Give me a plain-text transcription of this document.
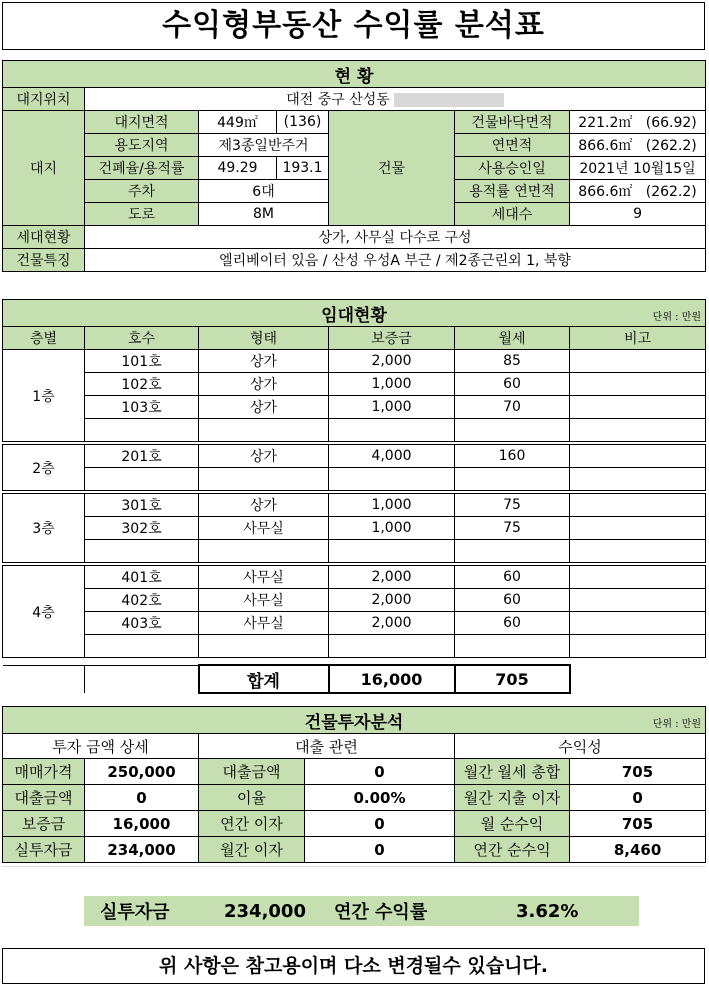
수익형부동산 수익률 분석표
현 황						
대지위치	대전 중구 산성동					
대지	대지면적	449㎡	(136)	건물	건물바닥면적	221.2㎡ (66.92)
	용도지역	제3종일반주거			연면적	866.6㎡ (262.2)
	건폐율/용적률	49.29	193.1		사용승인일	2021년 10월15일
	주차	6대			용적률 연면적	866.6㎡ (262.2)
	도로	8M			세대수	9
세대현황	상가, 사무실 다수로 구성					
건물특징	엘리베이터 있음 / 산성 우성A 부근 / 제2종근린외 1, 북향					
임대현황 단위 : 만원					

층별	호수	형태	보증금	월세	비고
1층	101호	상가	2,000	85	
	102호	상가	1,000	60	
	103호	상가	1,000	70	

2층	201호	상가	4,000	160	

3층	301호	상가	1,000	75	
	302호	사무실	1,000	75	

4층	401호	사무실	2,000	60	
	402호	사무실	2,000	60	
	403호	사무실	2,000	60	

		합계	16,000	705	
건물투자분석 단위 : 만원					

투자 금액 상세		대출 관련		수익성	
매매가격	250,000	대출금액	0	월간 월세 총합	705
대출금액	0	이율	0.00%	월간 지출 이자	0
보증금	16,000	연간 이자	0	월 순수익	705
실투자금	234,000	월간 이자	0	연간 순수익	8,460
실투자금	234,000 연간 수익률	3.62%
위 사항은 참고용이며 다소 변경될수 있습니다.
